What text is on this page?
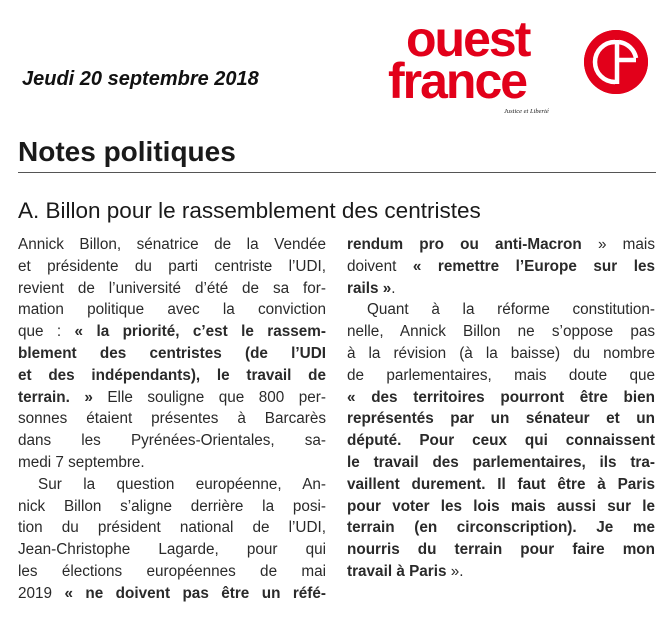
Jeudi 20 septembre 2018
ouest
france
Justice et Liberté
Notes politiques
A. Billon pour le rassemblement des centristes
Annick Billon, sénatrice de la Vendée
et présidente du parti centriste l’UDI,
revient de l’université d’été de sa for-
mation politique avec la conviction
que : « la priorité, c’est le rassem-
blement des centristes (de l’UDI
et des indépendants), le travail de
terrain. » Elle souligne que 800 per-
sonnes étaient présentes à Barcarès
dans les Pyrénées-Orientales, sa-
medi 7 septembre.
Sur la question européenne, An-
nick Billon s’aligne derrière la posi-
tion du président national de l’UDI,
Jean-Christophe Lagarde, pour qui
les élections européennes de mai
2019 « ne doivent pas être un réfé-
rendum pro ou anti-Macron » mais
doivent « remettre l’Europe sur les
rails ».
Quant à la réforme constitution-
nelle, Annick Billon ne s’oppose pas
à la révision (à la baisse) du nombre
de parlementaires, mais doute que
« des territoires pourront être bien
représentés par un sénateur et un
député. Pour ceux qui connaissent
le travail des parlementaires, ils tra-
vaillent durement. Il faut être à Paris
pour voter les lois mais aussi sur le
terrain (en circonscription). Je me
nourris du terrain pour faire mon
travail à Paris ».
